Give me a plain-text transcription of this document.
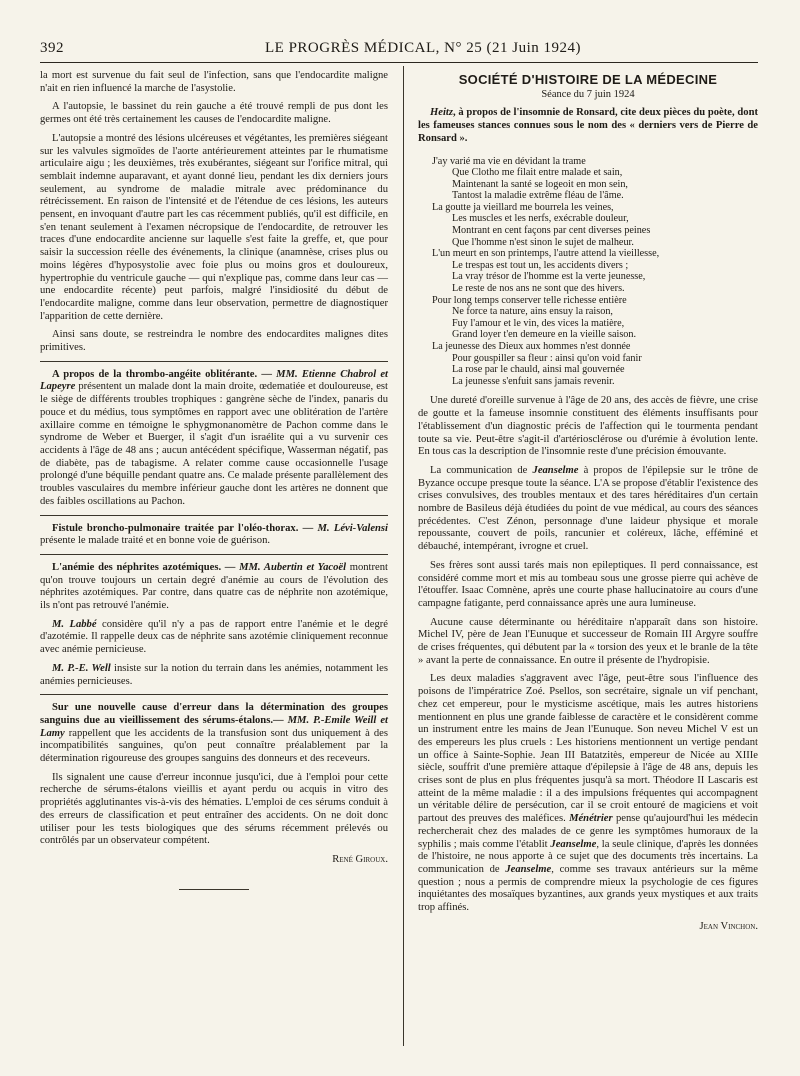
392	LE PROGRÈS MÉDICAL, N° 25 (21 Juin 1924)

la mort est survenue du fait seul de l'infection, sans que l'endocardite maligne n'ait en rien influencé la marche de l'asystolie.

A l'autopsie, le bassinet du rein gauche a été trouvé rempli de pus dont les germes ont été très certainement les causes de l'endocardite maligne.

L'autopsie a montré des lésions ulcéreuses et végétantes, les premières siégeant sur les valvules sigmoïdes de l'aorte antérieurement atteintes par le rhumatisme articulaire aigu ; les deuxièmes, très exubérantes, siégeant sur l'orifice mitral, qui semblait indemne auparavant, et ayant donné lieu, pendant les dix derniers jours seulement, au syndrome de maladie mitrale avec prédominance du rétrécissement. En raison de l'intensité et de l'étendue de ces lésions, les auteurs pensent, en invoquant d'autre part les cas récemment publiés, qu'il est difficile, en s'en tenant seulement à l'examen nécropsique de l'endocardite, de retrouver les traces d'une endocardite ancienne sur laquelle s'est faite la greffe, et, que pour saisir la succession réelle des événements, la clinique (anamnèse, crises plus ou moins légères d'hyposystolie avec foie plus ou moins gros et douloureux, hypertrophie du ventricule gauche — qui n'explique pas, comme dans leur cas — une endocardite récente) peut parfois, malgré l'insidiosité du début de l'endocardite maligne, comme dans leur observation, permettre de diagnostiquer l'apparition de cette dernière.

Ainsi sans doute, se restreindra le nombre des endocardites malignes dites primitives.

A propos de la thrombo-angéite oblitérante. — MM. Etienne Chabrol et Lapeyre présentent un malade dont la main droite, œdematiée et douloureuse, est le siège de différents troubles trophiques : gangrène sèche de l'index, panaris du pouce et du médius, tous symptômes en rapport avec une oblitération de l'artère axillaire comme en témoigne le sphygmonanomètre de Pachon comme dans le syndrome de Weber et Buerger, il s'agit d'un israélite qui a vu survenir ces accidents à l'âge de 48 ans ; aucun antécédent spécifique, Wasserman négatif, pas de diabète, pas de tabagisme. A relater comme cause occasionnelle l'usage prolongé d'une béquille pendant quatre ans. Ce malade présente parallèlement des troubles vasculaires du membre inférieur gauche dont les artères ne donnent que des faibles oscillations au Pachon.

Fistule broncho-pulmonaire traitée par l'oléo-thorax. — M. Lévi-Valensi présente le malade traité et en bonne voie de guérison.

L'anémie des néphrites azotémiques. — MM. Aubertin et Yacoël montrent qu'on trouve toujours un certain degré d'anémie au cours de l'évolution des néphrites azotémiques. Par contre, dans quatre cas de néphrite non azotémique, ils n'ont pas retrouvé l'anémie.

M. Labbé considère qu'il n'y a pas de rapport entre l'anémie et le degré d'azotémie. Il rappelle deux cas de néphrite sans azotémie cliniquement reconnue avec anémie pernicieuse.

M. P.-E. Well insiste sur la notion du terrain dans les anémies, notamment les anémies pernicieuses.

Sur une nouvelle cause d'erreur dans la détermination des groupes sanguins due au vieillissement des sérums-étalons.— MM. P.-Emile Weill et Lamy rappellent que les accidents de la transfusion sont dus uniquement à des incompatibilités sanguines, qu'on peut connaître préalablement par la détermination rigoureuse des groupes sanguins des donneurs et des receveurs.

Ils signalent une cause d'erreur inconnue jusqu'ici, due à l'emploi pour cette recherche de sérums-étalons vieillis et ayant perdu ou acquis in vitro des propriétés agglutinantes vis-à-vis des hématies. L'emploi de ces sérums conduit à des erreurs de classification et peut entraîner des accidents. On ne doit donc utiliser pour les tests biologiques que des sérums récemment prélevés ou contrôlés par un observateur compétent.

René Giroux.

SOCIÉTÉ D'HISTOIRE DE LA MÉDECINE
Séance du 7 juin 1924

Heitz, à propos de l'insomnie de Ronsard, cite deux pièces du poète, dont les fameuses stances connues sous le nom des « derniers vers de Pierre de Ronsard ».

J'ay varié ma vie en dévidant la trame
Que Clotho me filait entre malade et sain,
Maintenant la santé se logeoit en mon sein,
Tantost la maladie extrême fléau de l'âme.
La goutte ja vieillard me bourrela les veines,
Les muscles et les nerfs, exécrable douleur,
Montrant en cent façons par cent diverses peines
Que l'homme n'est sinon le sujet de malheur.
L'un meurt en son printemps, l'autre attend la vieillesse,
Le trespas est tout un, les accidents divers ;
La vray trésor de l'homme est la verte jeunesse,
Le reste de nos ans ne sont que des hivers.
Pour long temps conserver telle richesse entière
Ne force ta nature, ains ensuy la raison,
Fuy l'amour et le vin, des vices la matière,
Grand loyer t'en demeure en la vieille saison.
La jeunesse des Dieux aux hommes n'est donnée
Pour gouspiller sa fleur : ainsi qu'on void fanir
La rose par le chauld, ainsi mal gouvernée
La jeunesse s'enfuit sans jamais revenir.

Une dureté d'oreille survenue à l'âge de 20 ans, des accès de fièvre, une crise de goutte et la fameuse insomnie constituent des éléments insuffisants pour l'établissement d'un diagnostic précis de l'affection qui le tourmenta pendant toute sa vie. Peut-être s'agit-il d'artériosclérose ou d'urémie à évolution lente. En tous cas la description de l'insomnie reste d'une précision émouvante.

La communication de Jeanselme à propos de l'épilepsie sur le trône de Byzance occupe presque toute la séance. L'A se propose d'établir l'existence des crises convulsives, des troubles mentaux et des tares héréditaires d'un certain nombre de Basileus déjà étudiées du point de vue médical, au cours des séances précédentes. C'est Zénon, personnage d'une laideur physique et morale repoussante, couvert de poils, rancunier et coléreux, lâche, efféminé et débauché, intempérant, ivrogne et cruel.

Ses frères sont aussi tarés mais non epileptiques. Il perd connaissance, est considéré comme mort et mis au tombeau sous une grosse pierre qui achève de l'étouffer. Isaac Comnène, après une courte phase hallucinatoire au cours d'une campagne fatigante, perd connaissance après une aura lumineuse.

Aucune cause déterminante ou héréditaire n'apparaît dans son histoire. Michel IV, père de Jean l'Eunuque et successeur de Romain III Argyre souffre de crises fréquentes, qui débutent par la « torsion des yeux et le branle de la tête » avant la perte de connaissance. En outre il présente de l'hydropisie.

Les deux maladies s'aggravent avec l'âge, peut-être sous l'influence des poisons de l'impératrice Zoé. Psellos, son secrétaire, signale un vif penchant, chez cet empereur, pour le mysticisme ascétique, mais les autres historiens mentionnent en plus une grande faiblesse de caractère et le considèrent comme un instrument entre les mains de Jean l'Eunuque. Son neveu Michel V est un des empereurs les plus cruels : Les historiens mentionnent un vertige pendant un office à Sainte-Sophie. Jean III Batatzitès, empereur de Nicée au XIIIe siècle, souffrit d'une première attaque d'épilepsie à l'âge de 48 ans, depuis les crises sont de plus en plus fréquentes jusqu'à sa mort. Théodore II Lascaris est atteint de la même maladie : il a des impulsions fréquentes qui accompagnent un véritable délire de persécution, car il se croit entouré de magiciens et voit partout des preuves des maléfices. Ménétrier pense qu'aujourd'hui les médecin rechercherait chez des malades de ce genre les symptômes humoraux de la syphilis ; mais comme l'établit Jeanselme, la seule clinique, d'après les données de l'histoire, ne nous apporte à ce sujet que des documents très incertains. La communication de Jeanselme, comme ses travaux antérieurs sur la même question ; nous a permis de comprendre mieux la psychologie de ces figures inquiétantes des mosaïques byzantines, aux grands yeux mystiques et aux traits trop affinés.

Jean Vinchon.
